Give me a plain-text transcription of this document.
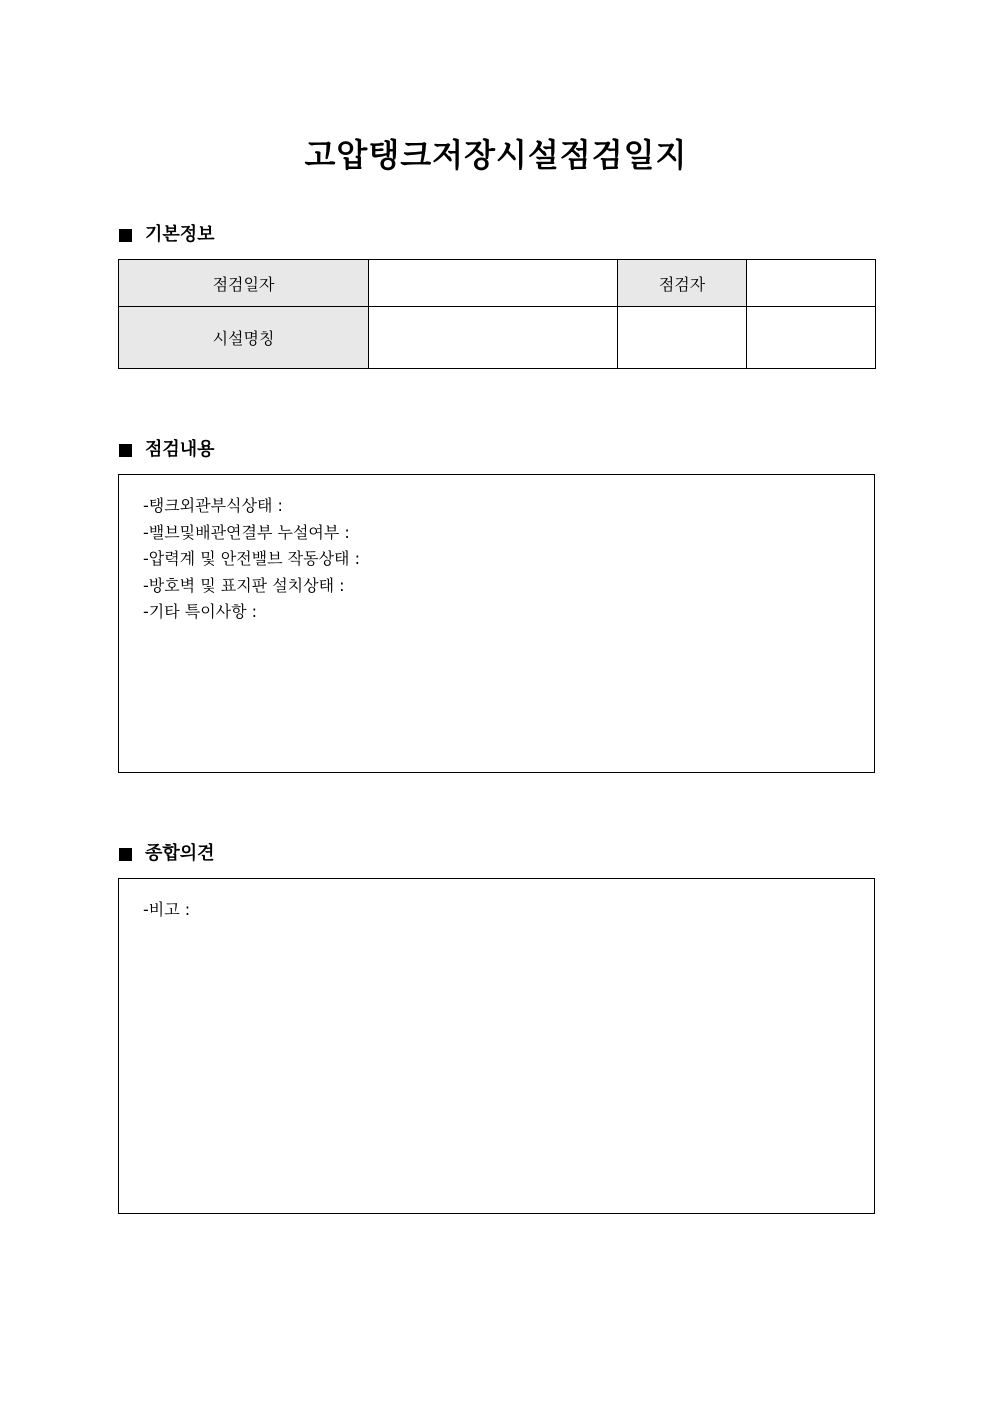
고압탱크저장시설점검일지
기본정보
점검일자		점검자	
시설명칭			
점검내용
-탱크외관부식상태 :
-밸브및배관연결부 누설여부 :
-압력계 및 안전밸브 작동상태 :
-방호벽 및 표지판 설치상태 :
-기타 특이사항 :
종합의견
-비고 :
